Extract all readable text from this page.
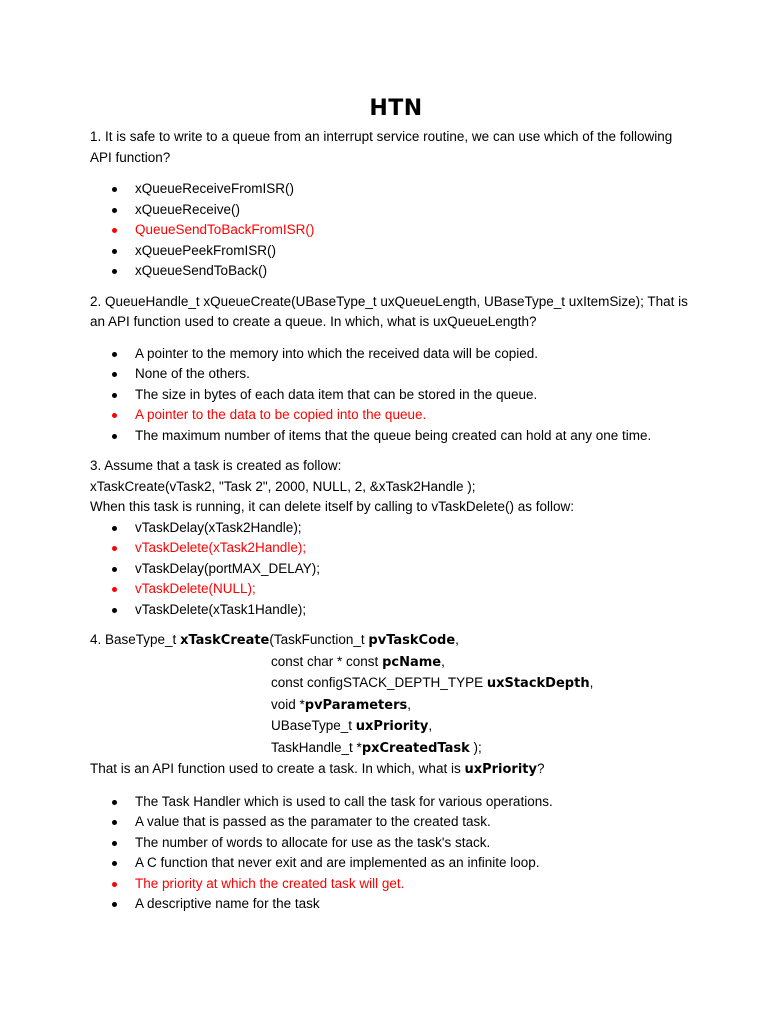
HTN

1. It is safe to write to a queue from an interrupt service routine, we can use which of the following API function?

xQueueReceiveFromISR()
xQueueReceive()
QueueSendToBackFromISR()
xQueuePeekFromISR()
xQueueSendToBack()

2. QueueHandle_t xQueueCreate(UBaseType_t uxQueueLength, UBaseType_t uxItemSize); That is an API function used to create a queue. In which, what is uxQueueLength?

A pointer to the memory into which the received data will be copied.
None of the others.
The size in bytes of each data item that can be stored in the queue.
A pointer to the data to be copied into the queue.
The maximum number of items that the queue being created can hold at any one time.

3. Assume that a task is created as follow:

xTaskCreate(vTask2, "Task 2", 2000, NULL, 2, &xTask2Handle );

When this task is running, it can delete itself by calling to vTaskDelete() as follow:

vTaskDelay(xTask2Handle);
vTaskDelete(xTask2Handle);
vTaskDelay(portMAX_DELAY);
vTaskDelete(NULL);
vTaskDelete(xTask1Handle);
4. BaseType_t xTaskCreate(TaskFunction_t pvTaskCode,
const char * const pcName,
const configSTACK_DEPTH_TYPE uxStackDepth,
void *pvParameters,
UBaseType_t uxPriority,
TaskHandle_t *pxCreatedTask );

That is an API function used to create a task. In which, what is uxPriority?

The Task Handler which is used to call the task for various operations.
A value that is passed as the paramater to the created task.
The number of words to allocate for use as the task's stack.
A C function that never exit and are implemented as an infinite loop.
The priority at which the created task will get.
A descriptive name for the task
